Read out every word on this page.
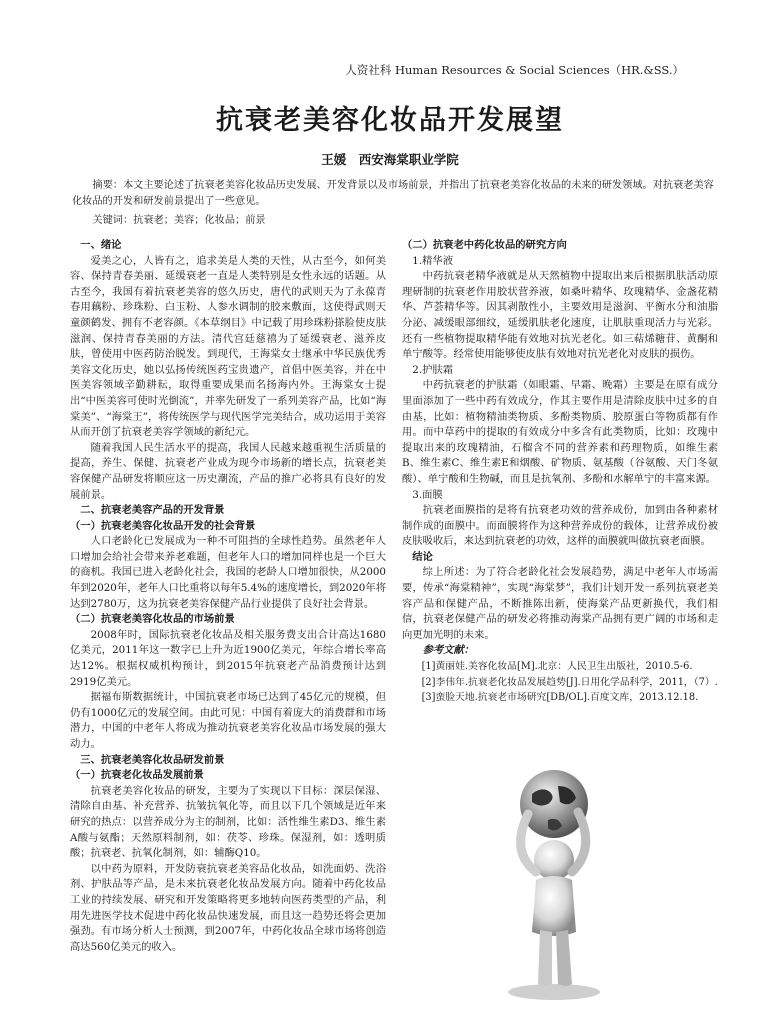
人资社科 Human Resources & Social Sciences（HR.&SS.）
抗衰老美容化妆品开发展望
王媛　西安海棠职业学院
摘要：本文主要论述了抗衰老美容化妆品历史发展、开发背景以及市场前景，并指出了抗衰老美容化妆品的未来的研发领域。对抗衰老美容化妆品的开发和研发前景提出了一些意见。
关键词：抗衰老；美容；化妆品；前景

一、绪论

爱美之心，人皆有之，追求美是人类的天性，从古至今，如何美容、保持青春美丽、延缓衰老一直是人类特别是女性永远的话题。从古至今，我国有着抗衰老美容的悠久历史，唐代的武则天为了永葆青春用藕粉、珍珠粉、白玉粉、人参水调制的胶来敷面，这使得武则天童颜鹤发、拥有不老容颜。《本草纲目》中记载了用珍珠粉搽脸使皮肤滋润、保持青春美丽的方法。清代宫廷慈禧为了延缓衰老、滋养皮肤，曾使用中医药防治脱发。到现代，王海棠女士继承中华民族优秀美容文化历史，她以弘扬传统医药宝贵遗产，首倡中医美容，并在中医美容领域辛勤耕耘，取得重要成果而名扬海内外。王海棠女士提出“中医美容可使时光倒流”，并率先研发了一系列美容产品，比如“海棠美”、“海棠王”，将传统医学与现代医学完美结合，成功运用于美容从而开创了抗衰老美容学领域的新纪元。

随着我国人民生活水平的提高，我国人民越来越重视生活质量的提高，养生、保健、抗衰老产业成为现今市场新的增长点，抗衰老美容保健产品研发将顺应这一历史潮流，产品的推广必将具有良好的发展前景。

二、抗衰老美容产品的开发背景

（一）抗衰老美容化妆品开发的社会背景

人口老龄化已发展成为一种不可阻挡的全球性趋势。虽然老年人口增加会给社会带来养老难题，但老年人口的增加同样也是一个巨大的商机。我国已进入老龄化社会，我国的老龄人口增加很快，从2000年到2020年，老年人口比重将以每年5.4%的速度增长，到2020年将达到2780万，这为抗衰老美容保健产品行业提供了良好社会背景。

（二）抗衰老美容化妆品的市场前景

2008年时，国际抗衰老化妆品及相关服务费支出合计高达1680亿美元，2011年这一数字已上升为近1900亿美元，年综合增长率高达12%。根据权威机构预计，到2015年抗衰老产品消费预计达到2919亿美元。

据福布斯数据统计，中国抗衰老市场已达到了45亿元的规模，但仍有1000亿元的发展空间。由此可见：中国有着庞大的消费群和市场潜力，中国的中老年人将成为推动抗衰老美容化妆品市场发展的强大动力。

三、抗衰老美容化妆品研发前景

（一）抗衰老化妆品发展前景

抗衰老美容化妆品的研发，主要为了实现以下目标：深层保湿、清除自由基、补充营养、抗皱抗氧化等，而且以下几个领域是近年来研究的热点：以营养成分为主的制剂，比如：活性维生素D3、维生素A酸与氨酯；天然原料制剂，如：茯苓、珍珠。保湿剂，如：透明质酸；抗衰老、抗氧化制剂，如：辅酶Q10。

以中药为原料，开发防衰抗衰老美容品化妆品，如洗面奶、洗浴剂、护肤品等产品，是未来抗衰老化妆品发展方向。随着中药化妆品工业的持续发展、研究和开发策略将更多地转向医药类型的产品，利用先进医学技术促进中药化妆品快速发展，而且这一趋势还将会更加强劲。有市场分析人士预测，到2007年，中药化妆品全球市场将创造高达560亿美元的收入。

（二）抗衰老中药化妆品的研究方向

1.精华液

中药抗衰老精华液就是从天然植物中提取出来后根据肌肤活动原理研制的抗衰老作用胶状营养液，如桑叶精华、玫瑰精华、金盏花精华、芦荟精华等。因其剥散性小，主要效用是滋润、平衡水分和油脂分泌、减缓眼部细纹，延缓肌肤老化速度，让肌肤重现活力与光彩。还有一些植物提取精华能有效地对抗光老化。如三萜烯糖苷、黄酮和单宁酸等。经常使用能够使皮肤有效地对抗光老化对皮肤的损伤。

2.护肤霜

中药抗衰老的护肤霜（如眼霜、早霜、晚霜）主要是在原有成分里面添加了一些中药有效成分，作其主要作用是清除皮肤中过多的自由基，比如：植物精油类物质、多酚类物质、胶原蛋白等物质都有作用。而中草药中的提取的有效成分中多含有此类物质，比如：玫瑰中提取出来的玫瑰精油，石榴含不同的营养素和药理物质，如维生素B、维生素C、维生素E和烟酸、矿物质、氨基酸（谷氨酸、天门冬氨酸）、单宁酸和生物碱，而且是抗氧剂、多酚和水解单宁的丰富来源。

3.面膜

抗衰老面膜指的是将有抗衰老功效的营养成份，加到由各种素材制作成的面膜中。而面膜将作为这种营养成份的载体，让营养成份被皮肤吸收后，来达到抗衰老的功效，这样的面膜就叫做抗衰老面膜。

结论

综上所述：为了符合老龄化社会发展趋势，满足中老年人市场需要，传承“海棠精神”，实现“海棠梦”，我们计划开发一系列抗衰老美容产品和保健产品，不断推陈出新，使海棠产品更新换代，我们相信，抗衰老保健产品的研发必将推动海棠产品拥有更广阔的市场和走向更加光明的未来。

参考文献：

[1]黄丽娃.美容化妆品[M].北京：人民卫生出版社，2010.5-6.

[2]李伟年.抗衰老化妆品发展趋势[J].日用化学品科学，2011，（7）.

[3]蛮脸天地.抗衰老市场研究[DB/OL].百度文库，2013.12.18.
